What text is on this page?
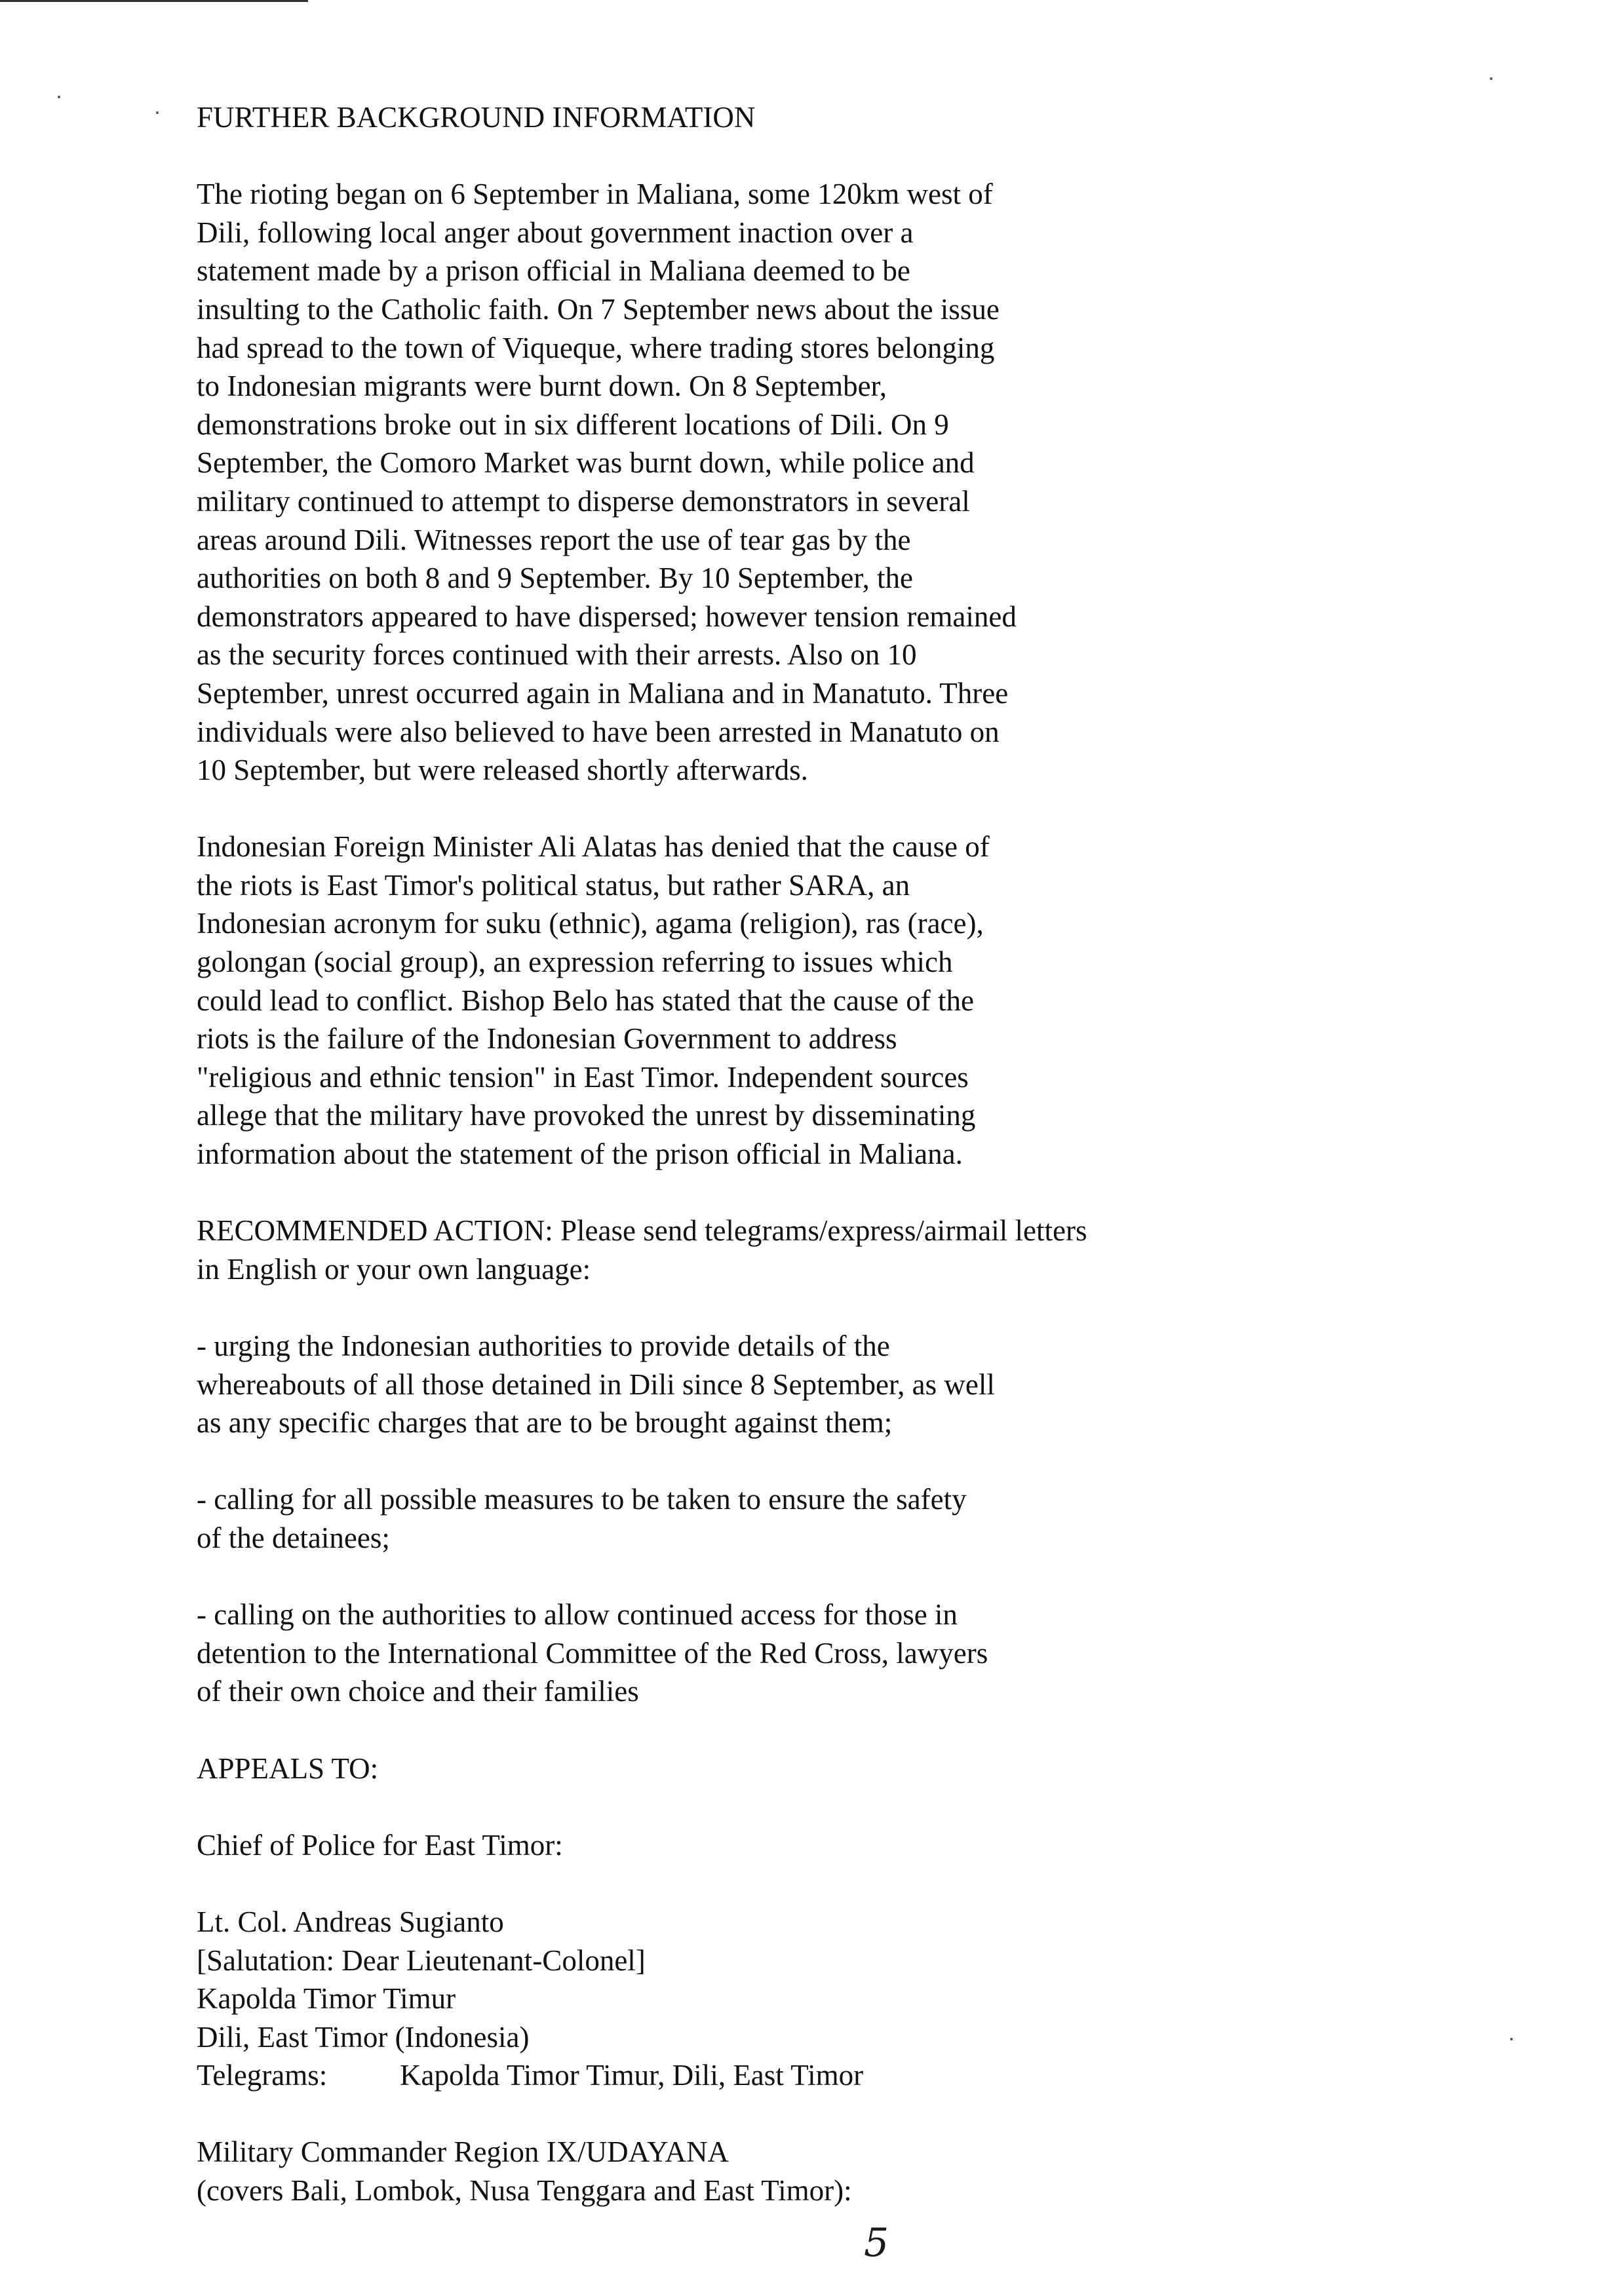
FURTHER BACKGROUND INFORMATION
The rioting began on 6 September in Maliana, some 120km west of
Dili, following local anger about government inaction over a
statement made by a prison official in Maliana deemed to be
insulting to the Catholic faith. On 7 September news about the issue
had spread to the town of Viqueque, where trading stores belonging
to Indonesian migrants were burnt down. On 8 September,
demonstrations broke out in six different locations of Dili. On 9
September, the Comoro Market was burnt down, while police and
military continued to attempt to disperse demonstrators in several
areas around Dili. Witnesses report the use of tear gas by the
authorities on both 8 and 9 September. By 10 September, the
demonstrators appeared to have dispersed; however tension remained
as the security forces continued with their arrests. Also on 10
September, unrest occurred again in Maliana and in Manatuto. Three
individuals were also believed to have been arrested in Manatuto on
10 September, but were released shortly afterwards.
Indonesian Foreign Minister Ali Alatas has denied that the cause of
the riots is East Timor's political status, but rather SARA, an
Indonesian acronym for suku (ethnic), agama (religion), ras (race),
golongan (social group), an expression referring to issues which
could lead to conflict. Bishop Belo has stated that the cause of the
riots is the failure of the Indonesian Government to address
"religious and ethnic tension" in East Timor. Independent sources
allege that the military have provoked the unrest by disseminating
information about the statement of the prison official in Maliana.
RECOMMENDED ACTION: Please send telegrams/express/airmail letters
in English or your own language:
- urging the Indonesian authorities to provide details of the
whereabouts of all those detained in Dili since 8 September, as well
as any specific charges that are to be brought against them;
- calling for all possible measures to be taken to ensure the safety
of the detainees;
- calling on the authorities to allow continued access for those in
detention to the International Committee of the Red Cross, lawyers
of their own choice and their families
APPEALS TO:
Chief of Police for East Timor:
Lt. Col. Andreas Sugianto
[Salutation: Dear Lieutenant-Colonel]
Kapolda Timor Timur
Dili, East Timor (Indonesia)
Telegrams: Kapolda Timor Timur, Dili, East Timor
Military Commander Region IX/UDAYANA
(covers Bali, Lombok, Nusa Tenggara and East Timor):
5
